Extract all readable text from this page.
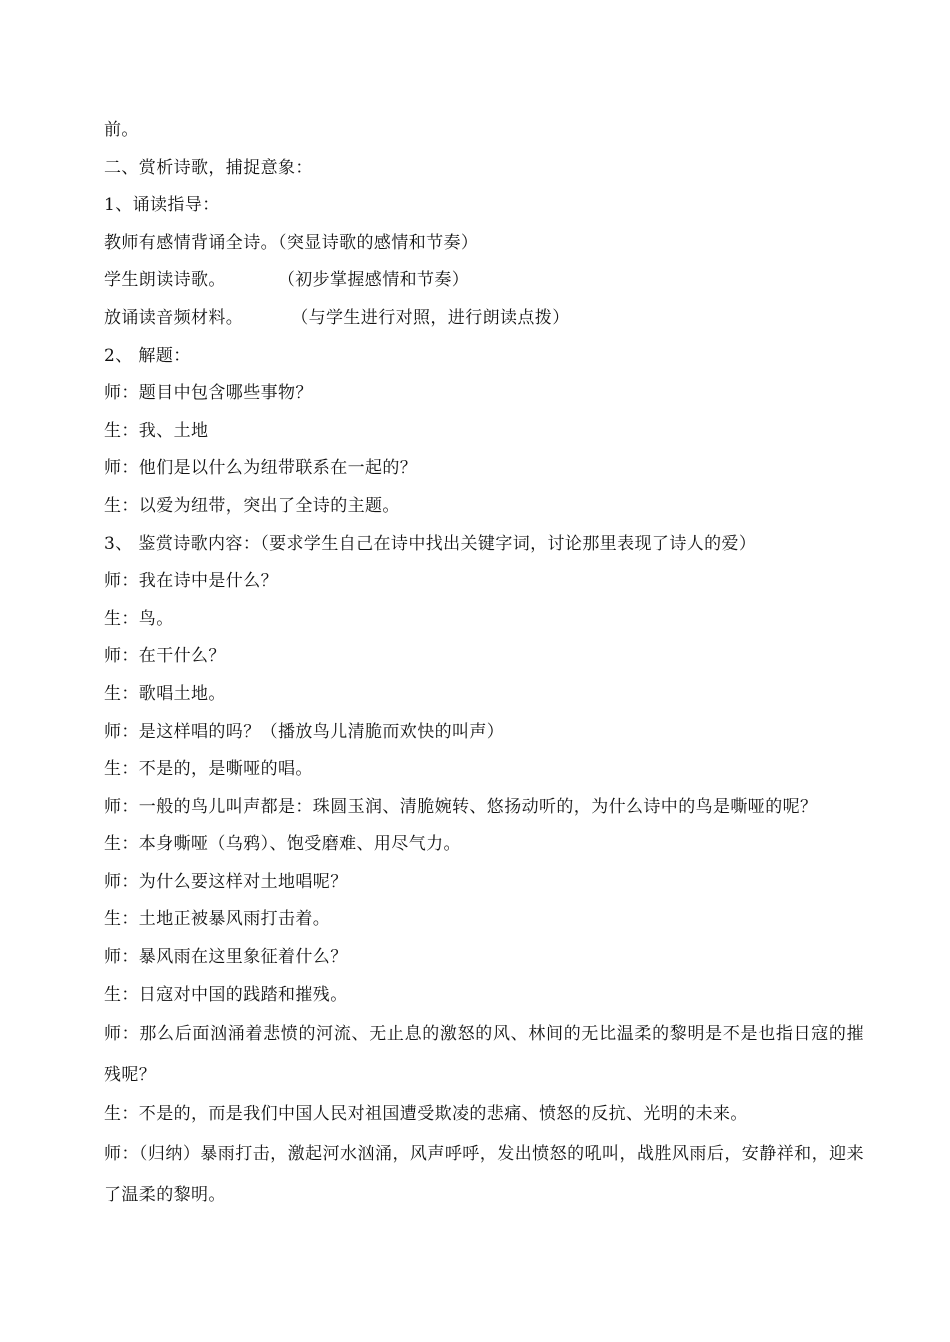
前。
二、赏析诗歌，捕捉意象：
1、诵读指导：
教师有感情背诵全诗。（突显诗歌的感情和节奏）
学生朗读诗歌。	（初步掌握感情和节奏）
放诵读音频材料。	（与学生进行对照，进行朗读点拨）
2、 解题：
师：题目中包含哪些事物？
生：我、土地
师：他们是以什么为纽带联系在一起的？
生：以爱为纽带，突出了全诗的主题。
3、 鉴赏诗歌内容：（要求学生自己在诗中找出关键字词，讨论那里表现了诗人的爱）
师：我在诗中是什么？
生：鸟。
师：在干什么？
生：歌唱土地。
师：是这样唱的吗？（播放鸟儿清脆而欢快的叫声）
生：不是的，是嘶哑的唱。
师：一般的鸟儿叫声都是：珠圆玉润、清脆婉转、悠扬动听的，为什么诗中的鸟是嘶哑的呢？
生：本身嘶哑（乌鸦）、饱受磨难、用尽气力。
师：为什么要这样对土地唱呢？
生：土地正被暴风雨打击着。
师：暴风雨在这里象征着什么？
生：日寇对中国的践踏和摧残。
师：那么后面汹涌着悲愤的河流、无止息的激怒的风、林间的无比温柔的黎明是不是也指日寇的摧残呢？
生：不是的，而是我们中国人民对祖国遭受欺凌的悲痛、愤怒的反抗、光明的未来。
师：（归纳）暴雨打击，激起河水汹涌，风声呼呼，发出愤怒的吼叫，战胜风雨后，安静祥和，迎来了温柔的黎明。
